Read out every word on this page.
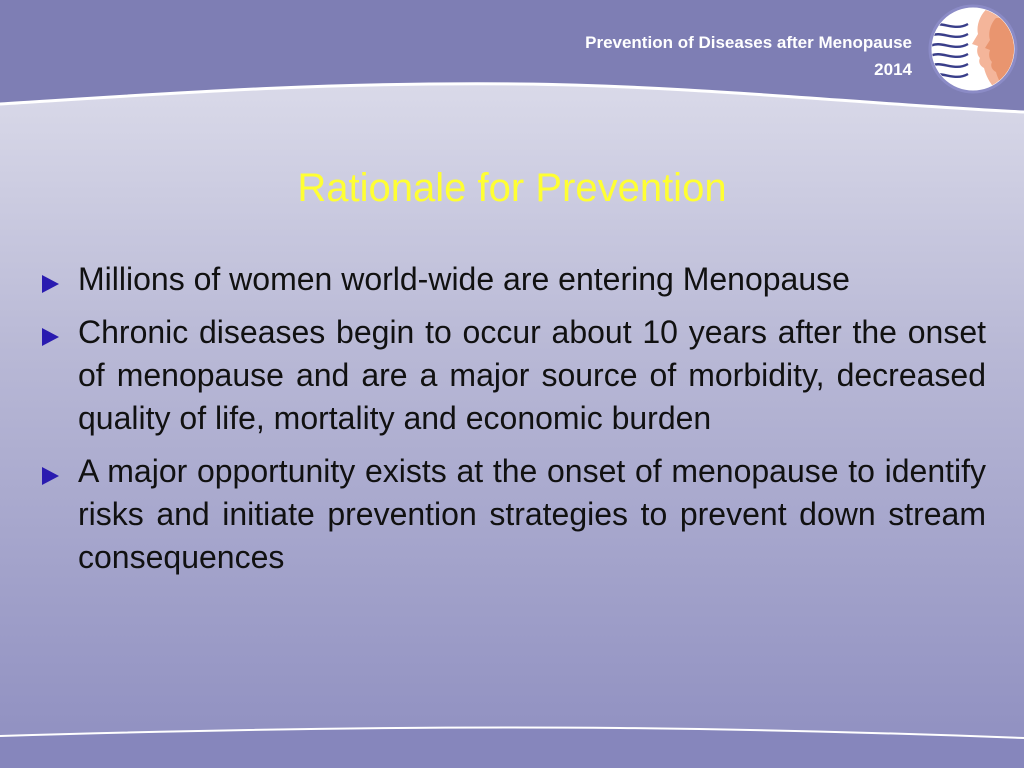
Prevention of Diseases after Menopause
2014
Rationale for Prevention
Millions of women world-wide are entering Menopause
Chronic diseases begin to occur about 10 years after the onset of menopause and are a major source of morbidity, decreased quality of life, mortality and economic burden
A major opportunity exists at the onset of menopause to identify risks and initiate prevention strategies to prevent down stream consequences
